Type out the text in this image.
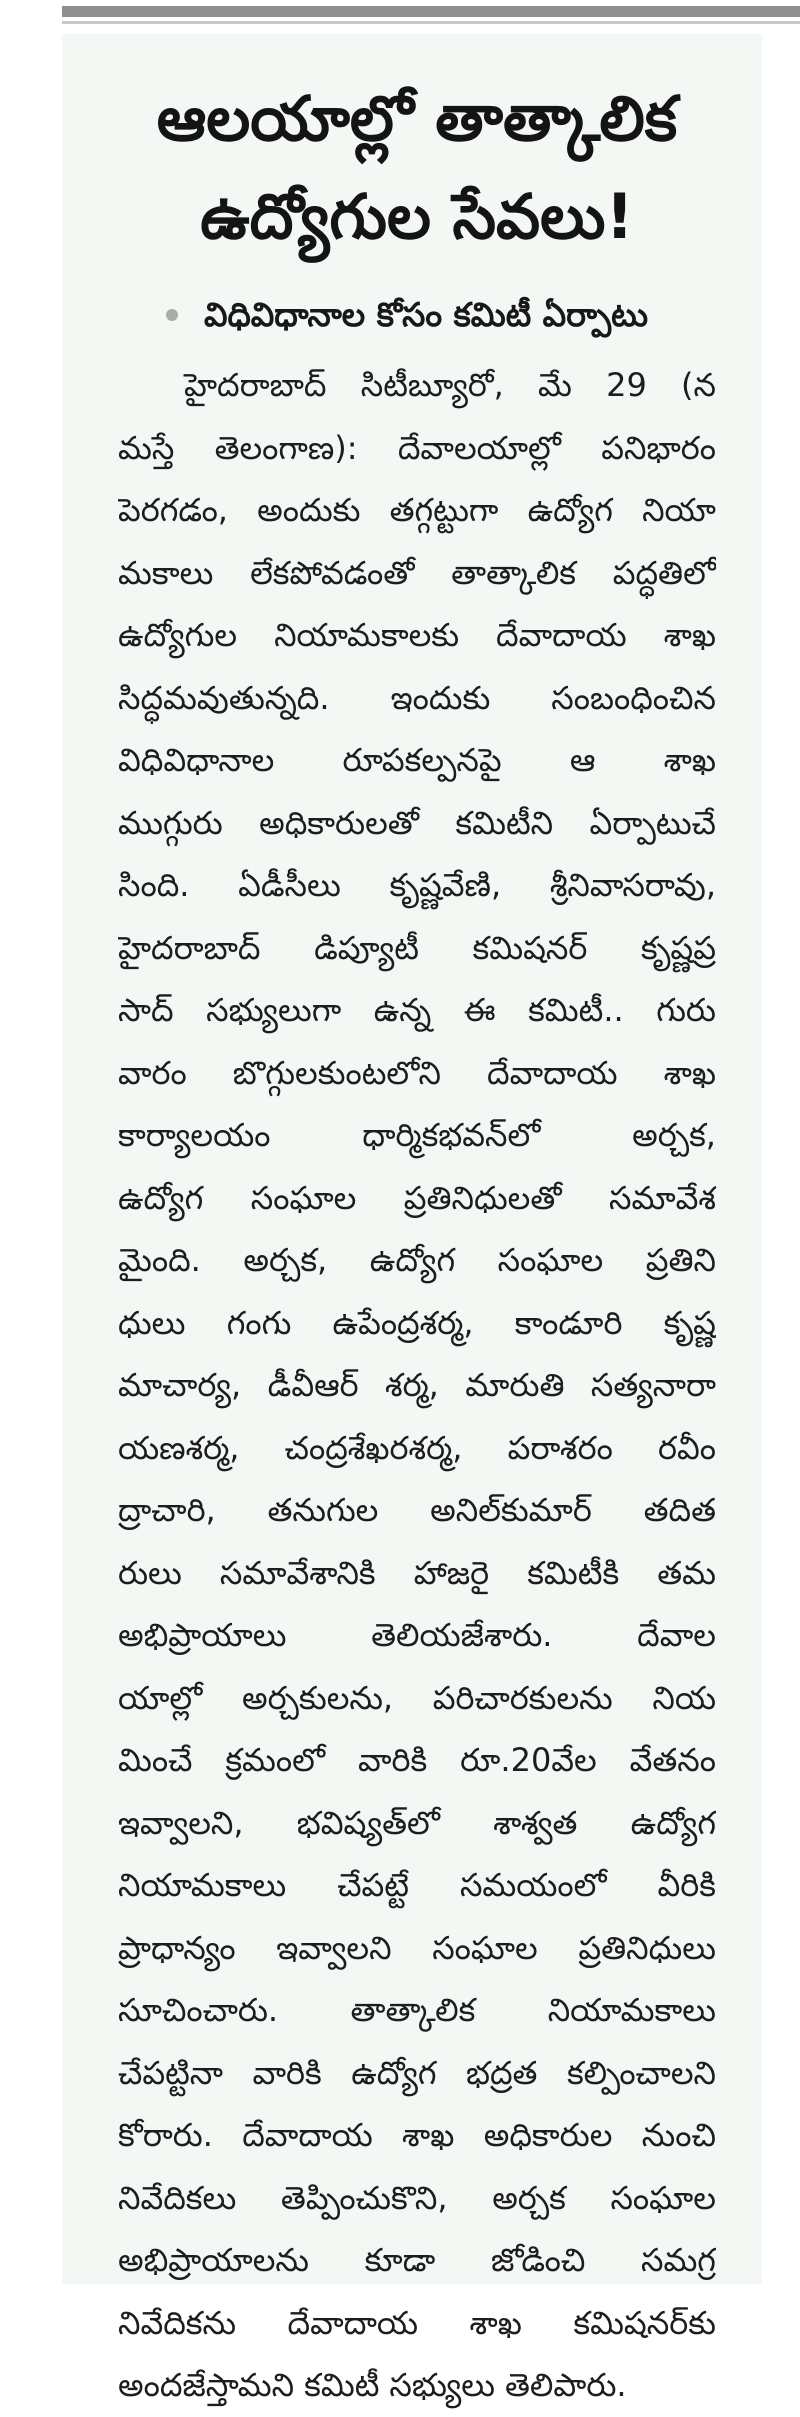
ఆలయాల్లో తాత్కాలిక
ఉద్యోగుల సేవలు!
విధివిధానాల కోసం కమిటీ ఏర్పాటు
హైదరాబాద్ సిటీబ్యూరో, మే 29 (న
మస్తే తెలంగాణ): దేవాలయాల్లో పనిభారం
పెరగడం, అందుకు తగ్గట్టుగా ఉద్యోగ నియా
మకాలు లేకపోవడంతో తాత్కాలిక పద్ధతిలో
ఉద్యోగుల నియామకాలకు దేవాదాయ శాఖ
సిద్ధమవుతున్నది. ఇందుకు సంబంధించిన
విధివిధానాల రూపకల్పనపై ఆ శాఖ
ముగ్గురు అధికారులతో కమిటీని ఏర్పాటుచే
సింది. ఏడీసీలు కృష్ణవేణి, శ్రీనివాసరావు,
హైదరాబాద్ డిప్యూటీ కమిషనర్ కృష్ణప్ర
సాద్ సభ్యులుగా ఉన్న ఈ కమిటీ.. గురు
వారం బొగ్గులకుంటలోని దేవాదాయ శాఖ
కార్యాలయం	ధార్మికభవన్‌లో	అర్చక,
ఉద్యోగ సంఘాల ప్రతినిధులతో సమావేశ
మైంది. అర్చక, ఉద్యోగ సంఘాల ప్రతిని
ధులు గంగు ఉపేంద్రశర్మ, కాండూరి కృష్ణ
మాచార్య, డీవీఆర్ శర్మ, మారుతి సత్యనారా
యణశర్మ, చంద్రశేఖరశర్మ, పరాశరం రవీం
ద్రాచారి, తనుగుల అనిల్‌కుమార్ తదిత
రులు సమావేశానికి హాజరై కమిటీకి తమ
అభిప్రాయాలు	తెలియజేశారు.	దేవాల
యాల్లో అర్చకులను, పరిచారకులను నియ
మించే క్రమంలో వారికి రూ.20వేల వేతనం
ఇవ్వాలని, భవిష్యత్‌లో శాశ్వత ఉద్యోగ
నియామకాలు చేపట్టే సమయంలో వీరికి
ప్రాధాన్యం ఇవ్వాలని సంఘాల ప్రతినిధులు
సూచించారు. తాత్కాలిక నియామకాలు
చేపట్టినా వారికి ఉద్యోగ భద్రత కల్పించాలని
కోరారు. దేవాదాయ శాఖ అధికారుల నుంచి
నివేదికలు తెప్పించుకొని, అర్చక సంఘాల
అభిప్రాయాలను కూడా జోడించి సమగ్ర
నివేదికను దేవాదాయ శాఖ కమిషనర్‌కు
అందజేస్తామని కమిటీ సభ్యులు తెలిపారు.
